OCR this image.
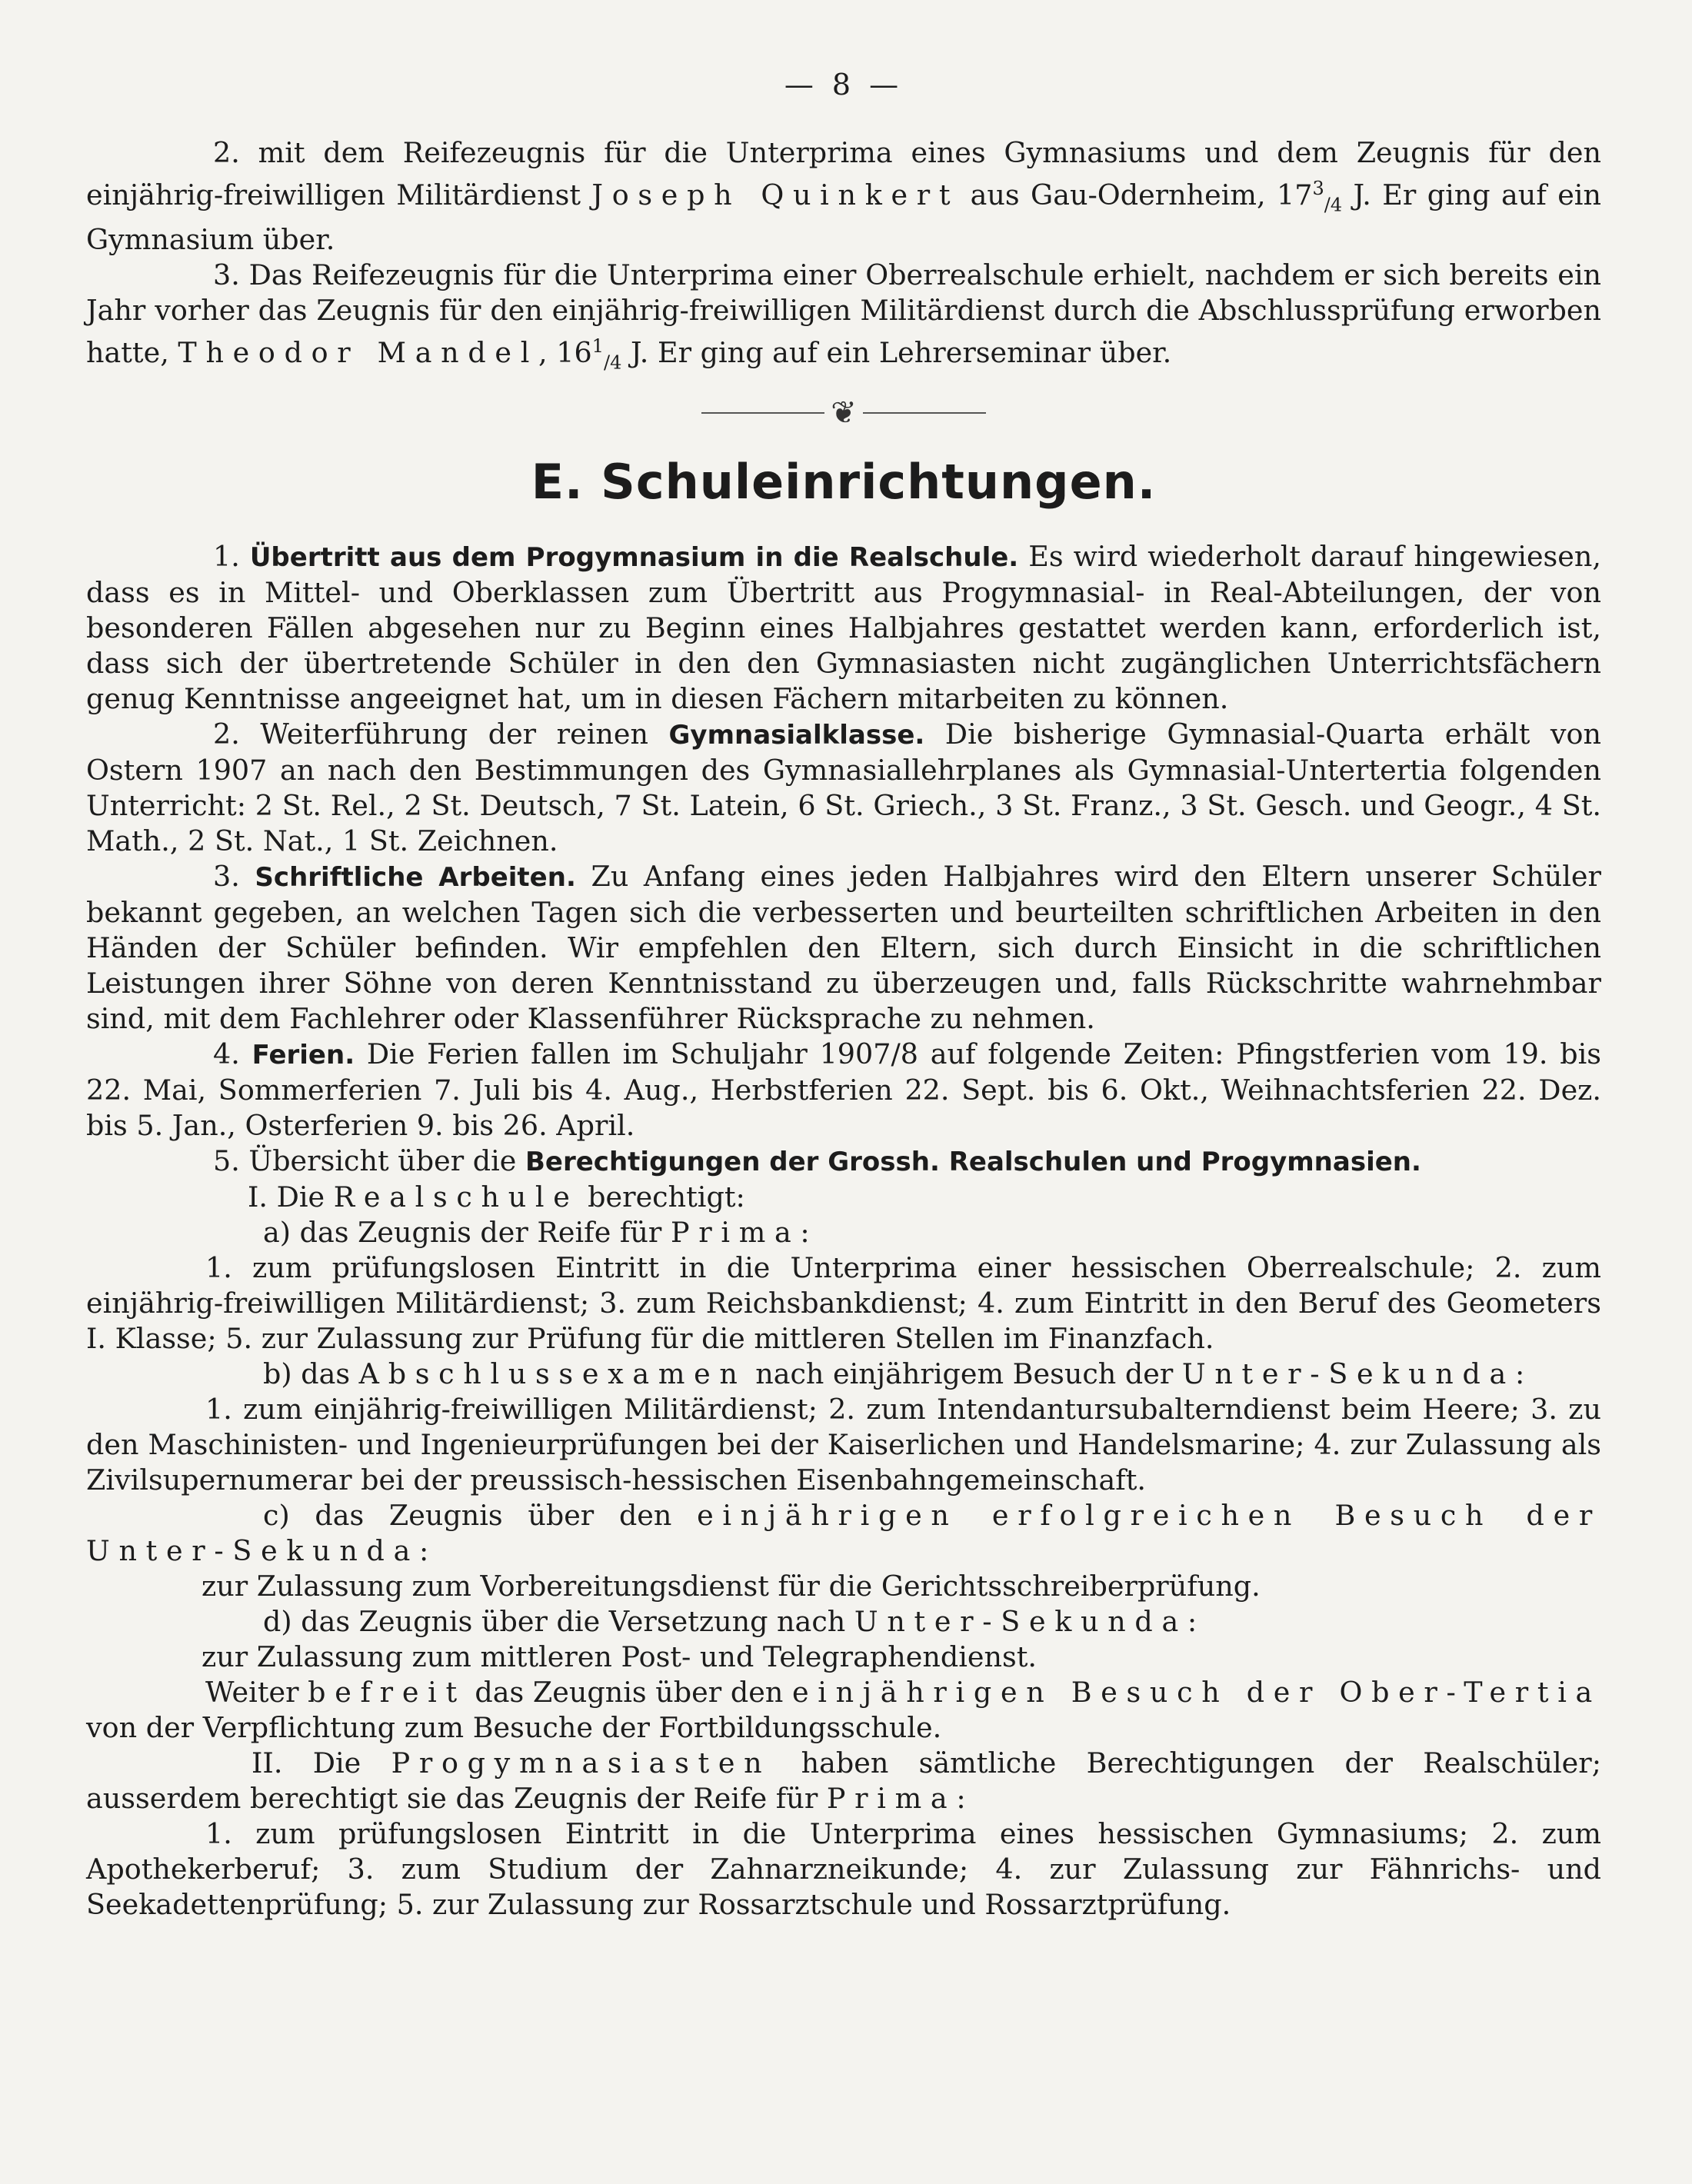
— 8 —

2. mit dem Reifezeugnis für die Unterprima eines Gymnasiums und dem Zeugnis für den einjährig-freiwilligen Militärdienst Joseph Quinkert aus Gau-Odernheim, $17^3_{/4}$ J. Er ging auf ein Gymnasium über.

3. Das Reifezeugnis für die Unterprima einer Oberrealschule erhielt, nachdem er sich bereits ein Jahr vorher das Zeugnis für den einjährig-freiwilligen Militärdienst durch die Abschlussprüfung erworben hatte, Theodor Mandel, $16^1_{/4}$ J. Er ging auf ein Lehrerseminar über.

❦
E. Schuleinrichtungen.

1. Übertritt aus dem Progymnasium in die Realschule. Es wird wiederholt darauf hingewiesen, dass es in Mittel- und Oberklassen zum Übertritt aus Progymnasial- in Real-Abteilungen, der von besonderen Fällen abgesehen nur zu Beginn eines Halbjahres gestattet werden kann, erforderlich ist, dass sich der übertretende Schüler in den den Gymnasiasten nicht zugänglichen Unterrichtsfächern genug Kenntnisse angeeignet hat, um in diesen Fächern mitarbeiten zu können.

2. Weiterführung der reinen Gymnasialklasse. Die bisherige Gymnasial-Quarta erhält von Ostern 1907 an nach den Bestimmungen des Gymnasiallehrplanes als Gymnasial-Untertertia folgenden Unterricht: 2 St. Rel., 2 St. Deutsch, 7 St. Latein, 6 St. Griech., 3 St. Franz., 3 St. Gesch. und Geogr., 4 St. Math., 2 St. Nat., 1 St. Zeichnen.

3. Schriftliche Arbeiten. Zu Anfang eines jeden Halbjahres wird den Eltern unserer Schüler bekannt gegeben, an welchen Tagen sich die verbesserten und beurteilten schriftlichen Arbeiten in den Händen der Schüler befinden. Wir empfehlen den Eltern, sich durch Einsicht in die schriftlichen Leistungen ihrer Söhne von deren Kenntnisstand zu überzeugen und, falls Rückschritte wahrnehmbar sind, mit dem Fachlehrer oder Klassenführer Rücksprache zu nehmen.

4. Ferien. Die Ferien fallen im Schuljahr 1907/8 auf folgende Zeiten: Pfingstferien vom 19. bis 22. Mai, Sommerferien 7. Juli bis 4. Aug., Herbstferien 22. Sept. bis 6. Okt., Weihnachtsferien 22. Dez. bis 5. Jan., Osterferien 9. bis 26. April.

5. Übersicht über die Berechtigungen der Grossh. Realschulen und Progymnasien.

I. Die Realschule berechtigt:

a) das Zeugnis der Reife für Prima:

1. zum prüfungslosen Eintritt in die Unterprima einer hessischen Oberrealschule; 2. zum einjährig-freiwilligen Militärdienst; 3. zum Reichsbankdienst; 4. zum Eintritt in den Beruf des Geometers I. Klasse; 5. zur Zulassung zur Prüfung für die mittleren Stellen im Finanzfach.

b) das Abschlussexamen nach einjährigem Besuch der Unter-Sekunda:

1. zum einjährig-freiwilligen Militärdienst; 2. zum Intendantursubalterndienst beim Heere; 3. zu den Maschinisten- und Ingenieurprüfungen bei der Kaiserlichen und Handelsmarine; 4. zur Zulassung als Zivilsupernumerar bei der preussisch-hessischen Eisenbahngemeinschaft.

c) das Zeugnis über den einjährigen erfolgreichen Besuch der Unter-Sekunda:

zur Zulassung zum Vorbereitungsdienst für die Gerichtsschreiberprüfung.

d) das Zeugnis über die Versetzung nach Unter-Sekunda:

zur Zulassung zum mittleren Post- und Telegraphendienst.

Weiter befreit das Zeugnis über den einjährigen Besuch der Ober-Tertia von der Verpflichtung zum Besuche der Fortbildungsschule.

II. Die Progymnasiasten haben sämtliche Berechtigungen der Realschüler; ausserdem berechtigt sie das Zeugnis der Reife für Prima:

1. zum prüfungslosen Eintritt in die Unterprima eines hessischen Gymnasiums; 2. zum Apothekerberuf; 3. zum Studium der Zahnarzneikunde; 4. zur Zulassung zur Fähnrichs- und Seekadettenprüfung; 5. zur Zulassung zur Rossarztschule und Rossarztprüfung.
